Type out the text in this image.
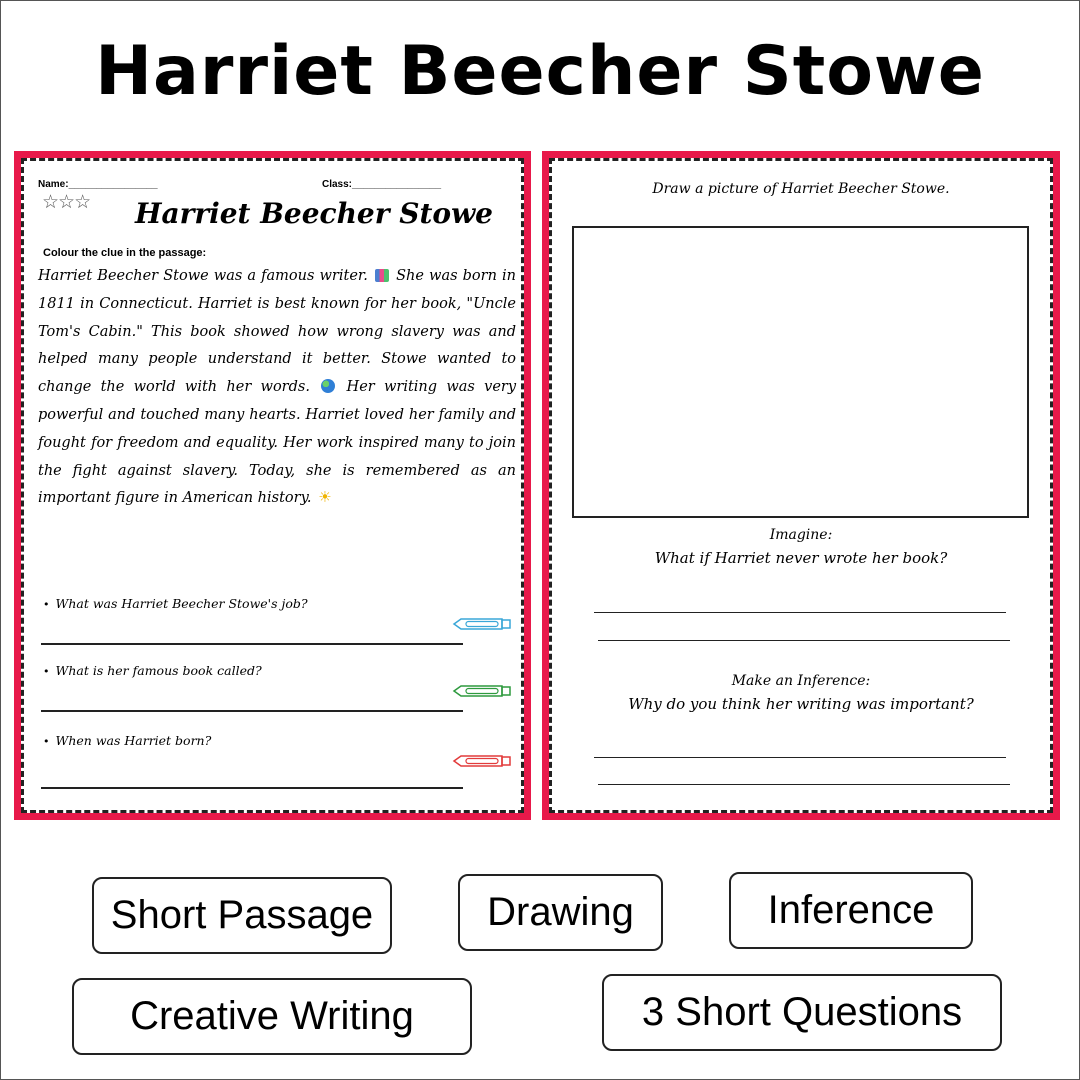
Harriet Beecher Stowe
Name:________________	Class:________________
☆☆☆	Harriet Beecher Stowe
Colour the clue in the passage:
Harriet Beecher Stowe was a famous writer. She was born in 1811 in Connecticut. Harriet is best known for her book, "Uncle Tom's Cabin." This book showed how wrong slavery was and helped many people understand it better. Stowe wanted to change the world with her words.	Her writing was very powerful and touched many hearts. Harriet loved her family and fought for freedom and equality. Her work inspired many to join the fight against slavery. Today, she is remembered as an important figure in American history. ☀
• What was Harriet Beecher Stowe's job?
• What is her famous book called?
• When was Harriet born?
Draw a picture of Harriet Beecher Stowe.
Imagine:
What if Harriet never wrote her book?
Make an Inference:
Why do you think her writing was important?
Short Passage	Drawing	Inference
Creative Writing	3 Short Questions
